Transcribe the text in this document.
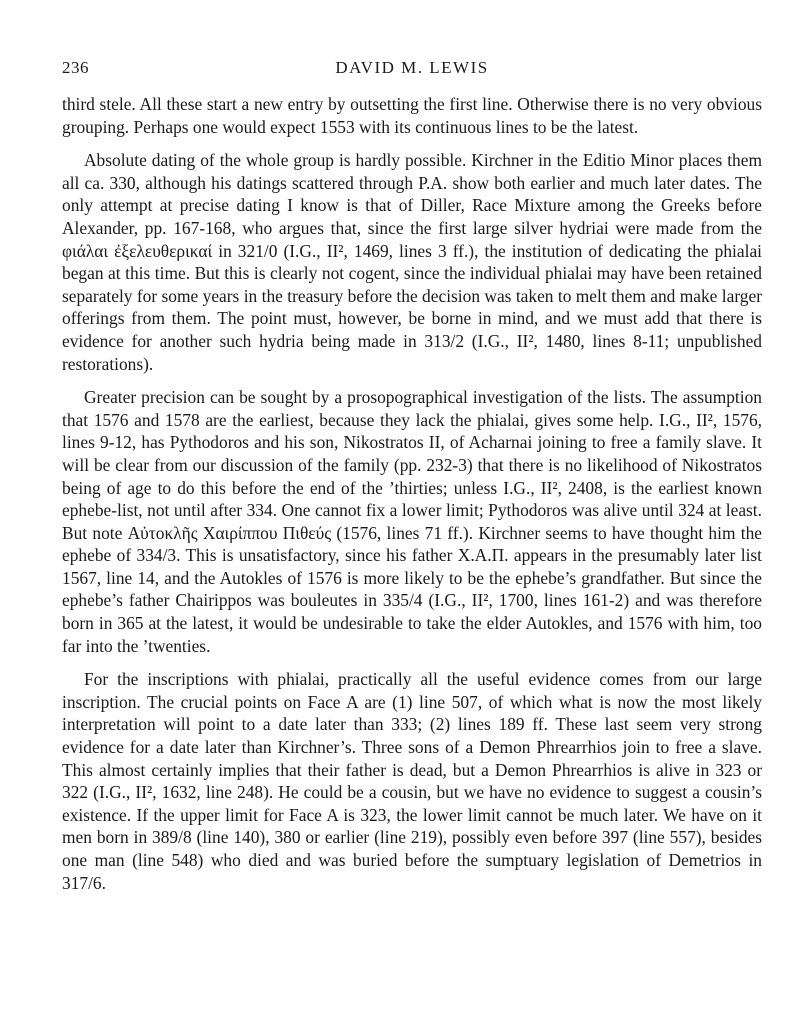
236	DAVID M. LEWIS

third stele. All these start a new entry by outsetting the first line. Otherwise there is no very obvious grouping. Perhaps one would expect 1553 with its continuous lines to be the latest.

Absolute dating of the whole group is hardly possible. Kirchner in the Editio Minor places them all ca. 330, although his datings scattered through P.A. show both earlier and much later dates. The only attempt at precise dating I know is that of Diller, Race Mixture among the Greeks before Alexander, pp. 167-168, who argues that, since the first large silver hydriai were made from the φιάλαι ἐξελευθερικαί in 321/0 (I.G., II², 1469, lines 3 ff.), the institution of dedicating the phialai began at this time. But this is clearly not cogent, since the individual phialai may have been retained separately for some years in the treasury before the decision was taken to melt them and make larger offerings from them. The point must, however, be borne in mind, and we must add that there is evidence for another such hydria being made in 313/2 (I.G., II², 1480, lines 8-11; unpublished restorations).

Greater precision can be sought by a prosopographical investigation of the lists. The assumption that 1576 and 1578 are the earliest, because they lack the phialai, gives some help. I.G., II², 1576, lines 9-12, has Pythodoros and his son, Nikostratos II, of Acharnai joining to free a family slave. It will be clear from our discussion of the family (pp. 232-3) that there is no likelihood of Nikostratos being of age to do this before the end of the ’thirties; unless I.G., II², 2408, is the earliest known ephebe-list, not until after 334. One cannot fix a lower limit; Pythodoros was alive until 324 at least. But note Αὐτοκλῆς Χαιρίππου Πιθεύς (1576, lines 71 ff.). Kirchner seems to have thought him the ephebe of 334/3. This is unsatisfactory, since his father Χ.Α.Π. appears in the presumably later list 1567, line 14, and the Autokles of 1576 is more likely to be the ephebe’s grandfather. But since the ephebe’s father Chairippos was bouleutes in 335/4 (I.G., II², 1700, lines 161-2) and was therefore born in 365 at the latest, it would be undesirable to take the elder Autokles, and 1576 with him, too far into the ’twenties.

For the inscriptions with phialai, practically all the useful evidence comes from our large inscription. The crucial points on Face A are (1) line 507, of which what is now the most likely interpretation will point to a date later than 333; (2) lines 189 ff. These last seem very strong evidence for a date later than Kirchner’s. Three sons of a Demon Phrearrhios join to free a slave. This almost certainly implies that their father is dead, but a Demon Phrearrhios is alive in 323 or 322 (I.G., II², 1632, line 248). He could be a cousin, but we have no evidence to suggest a cousin’s existence. If the upper limit for Face A is 323, the lower limit cannot be much later. We have on it men born in 389/8 (line 140), 380 or earlier (line 219), possibly even before 397 (line 557), besides one man (line 548) who died and was buried before the sumptuary legislation of Demetrios in 317/6.
